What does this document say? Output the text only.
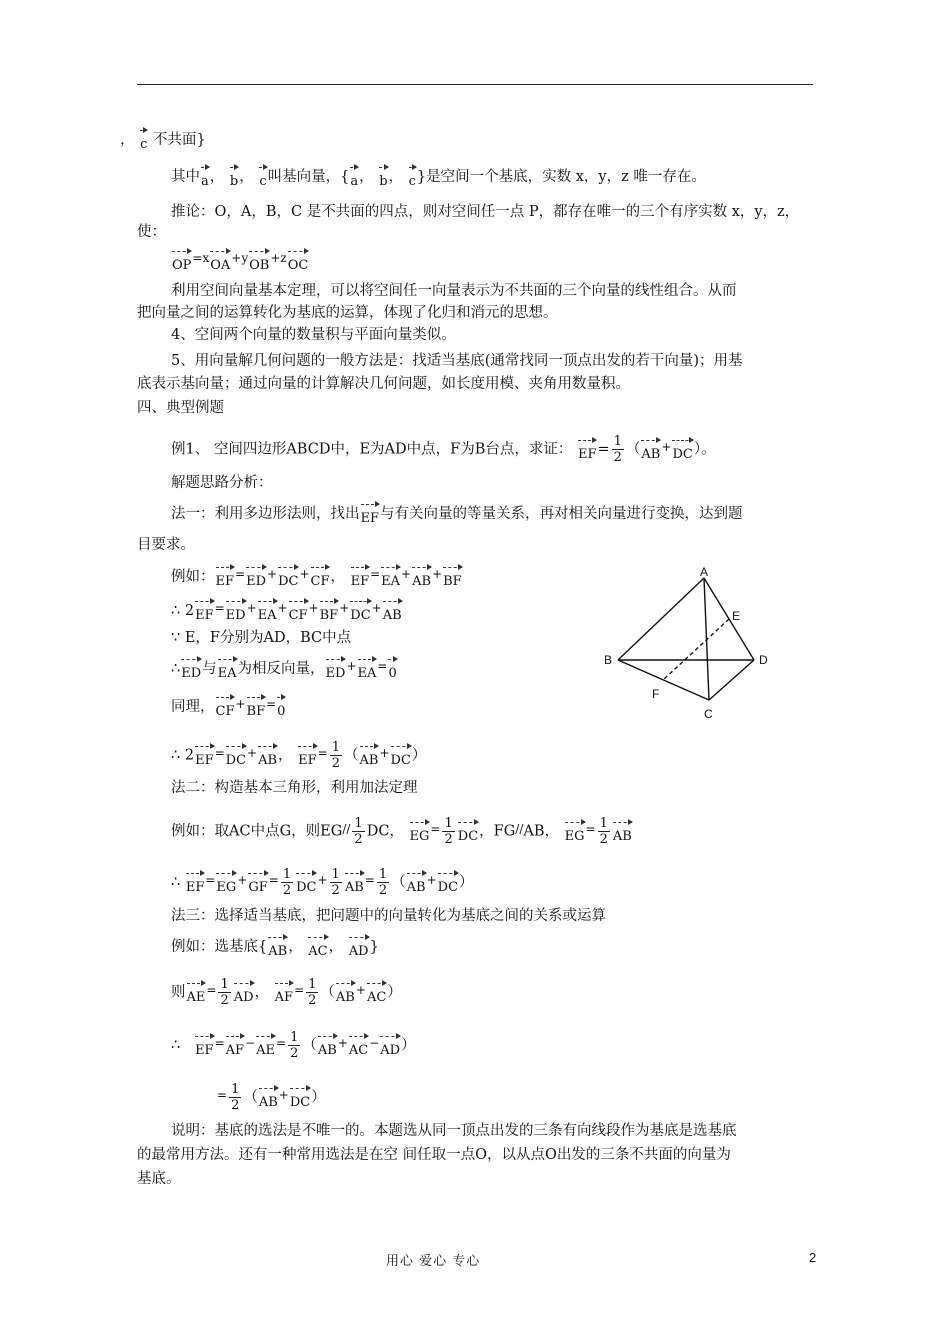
， c 不共面}
其中a， b， c叫基向量，{a， b， c}是空间一个基底，实数 x，y，z 唯一存在。
推论：O，A，B，C 是不共面的四点，则对空间任一点 P，都存在唯一的三个有序实数 x，y，z，
使：
$OP^{=x}OA^{+y}OB^{+z}OC$
利用空间向量基本定理，可以将空间任一向量表示为不共面的三个向量的线性组合。从而
把向量之间的运算转化为基底的运算，体现了化归和消元的思想。
4、空间两个向量的数量积与平面向量类似。
5、用向量解几何问题的一般方法是：找适当基底(通常找同一顶点出发的若干向量)；用基
底表示基向量；通过向量的计算解决几何问题，如长度用模、夹角用数量积。
四、典型例题
例1、 空间四边形ABCD中，E为AD中点，F为B台点，求证： $EF= \frac{1}{2} (AB^+DC)$。
解题思路分析：
法一：利用多边形法则，找出EF与有关向量的等量关系，再对相关向量进行变换，达到题
目要求。
例如：EF=ED+DC+CF， EF=EA+AB+BF
∴ 2EF=ED+EA+CF+BF+DC+AB
∵ E，F分别为AD，BC中点
∴ED与EA为相反向量，ED+EA=0
同理，CF+BF=0
∴ 2EF=DC+AB， $EF^= \frac{1}{2} (AB^+DC)$
法二：构造基本三角形，利用加法定理
例如：取AC中点G，则$EG^{//} \frac{1}{2}$ DC， $EG^= \frac{1}{2}$ DC，FG//AB， $EG^= \frac{1}{2}$ AB
∴ $EF^=EG^+GF^= \frac{1}{2} DC^+ \frac{1}{2} AB^= \frac{1}{2} (AB^+DC)$
法三：选择适当基底，把问题中的向量转化为基底之间的关系或运算
例如：选基底{AB， AC， AD}
则$AE^= \frac{1}{2}$ AD， $AF^= \frac{1}{2} (AB^+AC)$
∴ $EF^=AF^-AE^= \frac{1}{2} (AB^+AC^-AD)$
$^= \frac{1}{2} (AB^+DC)$
说明：基底的选法是不唯一的。本题选从同一顶点出发的三条有向线段作为基底是选基底
的最常用方法。还有一种常用选法是在空 间任取一点O，以从点O出发的三条不共面的向量为
基底。
A
B
C
D
E
F
用心 爱心 专心	2
